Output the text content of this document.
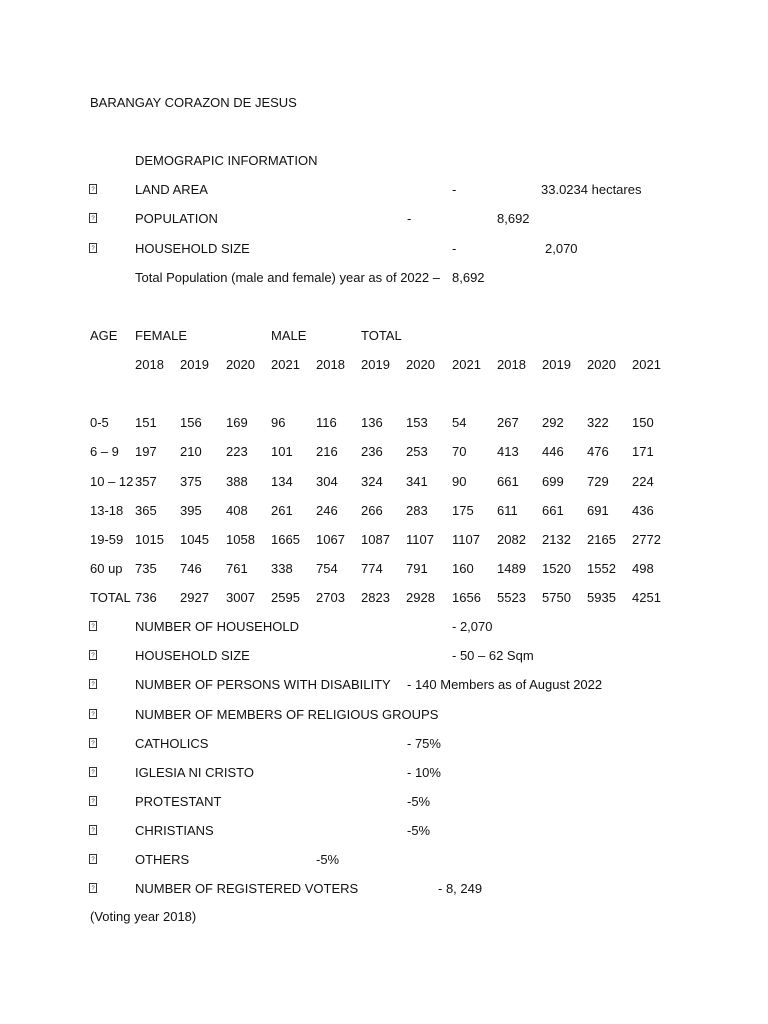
BARANGAY CORAZON DE JESUS
DEMOGRAPIC INFORMATION
?	LAND AREA	-	33.0234 hectares
?	POPULATION	-	8,692
?	HOUSEHOLD SIZE	-	2,070
Total Population (male and female) year as of 2022 – 8,692
AGE FEMALE	MALE	TOTAL
2018 2019 2020 2021 2018 2019 2020 2021 2018 2019 2020 2021
0-5 151 156 169 96 116 136 153 54 267 292 322 150
6 – 9 197 210 223 101 216 236 253 70 413 446 476 171
10 – 12 357 375 388 134 304 324 341 90 661 699 729 224
13-18 365 395 408 261 246 266 283 175 611 661 691 436
19-59 1015 1045 1058 1665 1067 1087 1107 1107 2082 2132 2165 2772
60 up 735 746 761 338 754 774 791 160 1489 1520 1552 498
TOTAL 736 2927 3007 2595 2703 2823 2928 1656 5523 5750 5935 4251
?	NUMBER OF HOUSEHOLD	- 2,070
?	HOUSEHOLD SIZE	- 50 – 62 Sqm
?	NUMBER OF PERSONS WITH DISABILITY - 140 Members as of August 2022
?	NUMBER OF MEMBERS OF RELIGIOUS GROUPS
?	CATHOLICS	- 75%
?	IGLESIA NI CRISTO	- 10%
?	PROTESTANT	-5%
?	CHRISTIANS	-5%
?	OTHERS	-5%
?	NUMBER OF REGISTERED VOTERS	- 8, 249
(Voting year 2018)
